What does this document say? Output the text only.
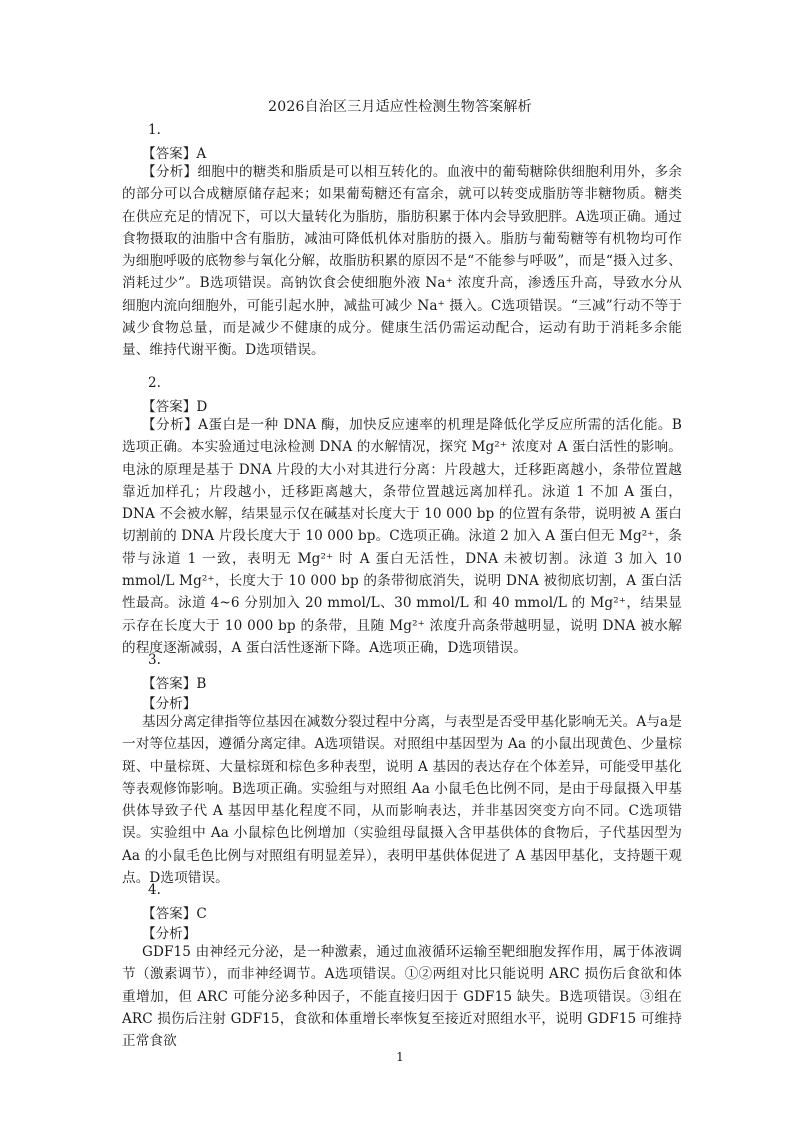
2026自治区三月适应性检测生物答案解析
1.
【答案】A
【分析】细胞中的糖类和脂质是可以相互转化的。血液中的葡萄糖除供细胞利用外，多余的部分可以合成糖原储存起来；如果葡萄糖还有富余，就可以转变成脂肪等非糖物质。糖类在供应充足的情况下，可以大量转化为脂肪，脂肪积累于体内会导致肥胖。A选项正确。通过食物摄取的油脂中含有脂肪，减油可降低机体对脂肪的摄入。脂肪与葡萄糖等有机物均可作为细胞呼吸的底物参与氧化分解，故脂肪积累的原因不是“不能参与呼吸”，而是“摄入过多、消耗过少”。B选项错误。高钠饮食会使细胞外液 Na⁺ 浓度升高，渗透压升高，导致水分从细胞内流向细胞外，可能引起水肿，减盐可减少 Na⁺ 摄入。C选项错误。“三减”行动不等于减少食物总量，而是减少不健康的成分。健康生活仍需运动配合，运动有助于消耗多余能量、维持代谢平衡。D选项错误。
2.
【答案】D
【分析】A蛋白是一种 DNA 酶，加快反应速率的机理是降低化学反应所需的活化能。B选项正确。本实验通过电泳检测 DNA 的水解情况，探究 Mg²⁺ 浓度对 A 蛋白活性的影响。电泳的原理是基于 DNA 片段的大小对其进行分离：片段越大，迁移距离越小，条带位置越靠近加样孔；片段越小，迁移距离越大，条带位置越远离加样孔。泳道 1 不加 A 蛋白，DNA 不会被水解，结果显示仅在碱基对长度大于 10 000 bp 的位置有条带，说明被 A 蛋白切割前的 DNA 片段长度大于 10 000 bp。C选项正确。泳道 2 加入 A 蛋白但无 Mg²⁺，条带与泳道 1 一致，表明无 Mg²⁺ 时 A 蛋白无活性，DNA 未被切割。泳道 3 加入 10 mmol/L Mg²⁺，长度大于 10 000 bp 的条带彻底消失，说明 DNA 被彻底切割，A 蛋白活性最高。泳道 4~6 分别加入 20 mmol/L、30 mmol/L 和 40 mmol/L 的 Mg²⁺，结果显示存在长度大于 10 000 bp 的条带，且随 Mg²⁺ 浓度升高条带越明显，说明 DNA 被水解的程度逐渐减弱，A 蛋白活性逐渐下降。A选项正确，D选项错误。
3.
【答案】B
【分析】
基因分离定律指等位基因在减数分裂过程中分离，与表型是否受甲基化影响无关。A与a是一对等位基因，遵循分离定律。A选项错误。对照组中基因型为 Aa 的小鼠出现黄色、少量棕斑、中量棕斑、大量棕斑和棕色多种表型，说明 A 基因的表达存在个体差异，可能受甲基化等表观修饰影响。B选项正确。实验组与对照组 Aa 小鼠毛色比例不同，是由于母鼠摄入甲基供体导致子代 A 基因甲基化程度不同，从而影响表达，并非基因突变方向不同。C选项错误。实验组中 Aa 小鼠棕色比例增加（实验组母鼠摄入含甲基供体的食物后，子代基因型为 Aa 的小鼠毛色比例与对照组有明显差异），表明甲基供体促进了 A 基因甲基化，支持题干观点。D选项错误。
4.
【答案】C
【分析】
GDF15 由神经元分泌，是一种激素，通过血液循环运输至靶细胞发挥作用，属于体液调节（激素调节），而非神经调节。A选项错误。①②两组对比只能说明 ARC 损伤后食欲和体重增加，但 ARC 可能分泌多种因子，不能直接归因于 GDF15 缺失。B选项错误。③组在 ARC 损伤后注射 GDF15，食欲和体重增长率恢复至接近对照组水平，说明 GDF15 可维持正常食欲
1
